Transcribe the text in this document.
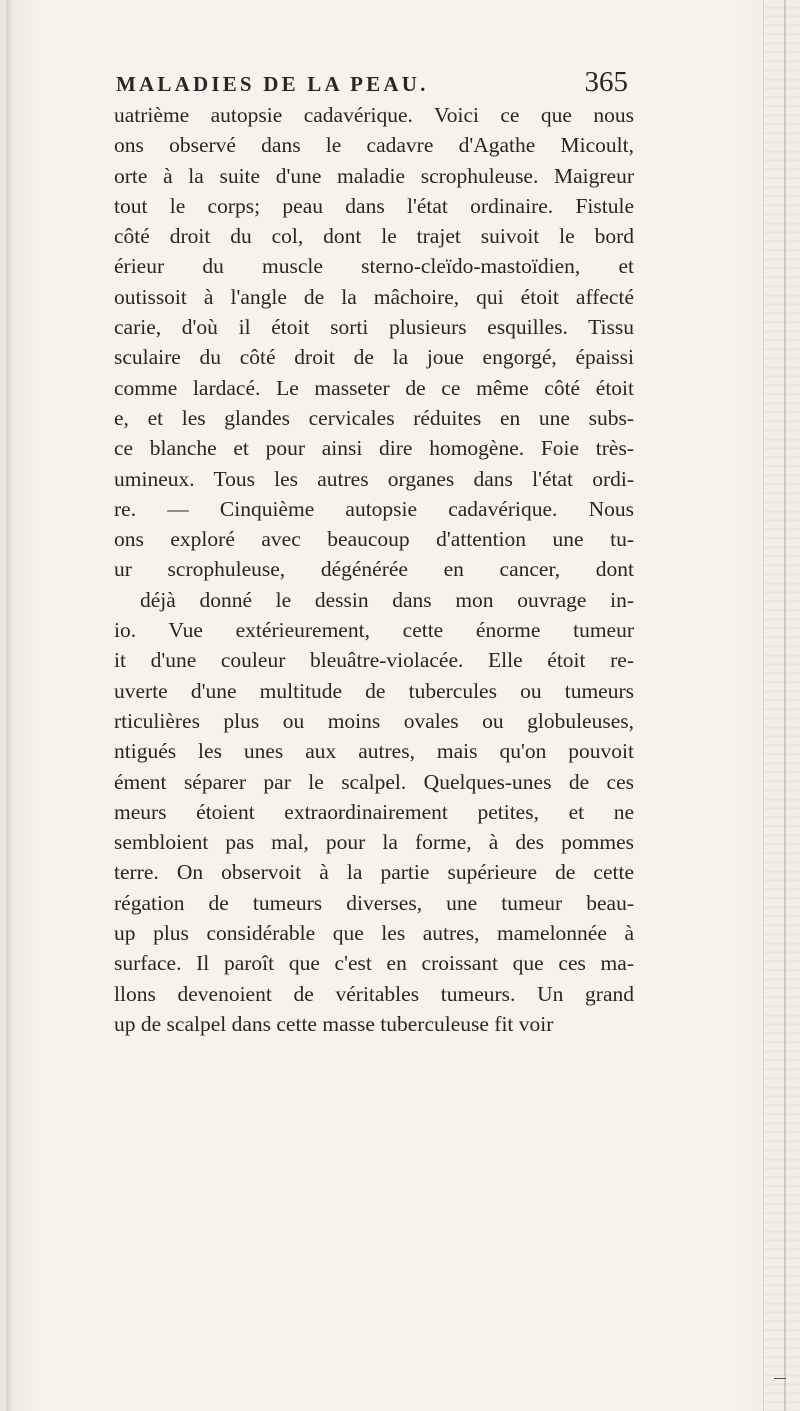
MALADIES DE LA PEAU.	365
uatrième autopsie cadavérique. Voici ce que nous
ons observé dans le cadavre d'Agathe Micoult,
orte à la suite d'une maladie scrophuleuse. Maigreur
tout le corps; peau dans l'état ordinaire. Fistule
côté droit du col, dont le trajet suivoit le bord
érieur du muscle sterno-cleïdo-mastoïdien, et
outissoit à l'angle de la mâchoire, qui étoit affecté
carie, d'où il étoit sorti plusieurs esquilles. Tissu
sculaire du côté droit de la joue engorgé, épaissi
comme lardacé. Le masseter de ce même côté étoit
e, et les glandes cervicales réduites en une subs-
ce blanche et pour ainsi dire homogène. Foie très-
umineux. Tous les autres organes dans l'état ordi-
re. — Cinquième autopsie cadavérique. Nous
ons exploré avec beaucoup d'attention une tu-
ur scrophuleuse, dégénérée en cancer, dont
déjà donné le dessin dans mon ouvrage in-
io. Vue extérieurement, cette énorme tumeur
it d'une couleur bleuâtre-violacée. Elle étoit re-
uverte d'une multitude de tubercules ou tumeurs
rticulières plus ou moins ovales ou globuleuses,
ntigués les unes aux autres, mais qu'on pouvoit
ément séparer par le scalpel. Quelques-unes de ces
meurs étoient extraordinairement petites, et ne
sembloient pas mal, pour la forme, à des pommes
terre. On observoit à la partie supérieure de cette
régation de tumeurs diverses, une tumeur beau-
up plus considérable que les autres, mamelonnée à
surface. Il paroît que c'est en croissant que ces ma-
llons devenoient de véritables tumeurs. Un grand
up de scalpel dans cette masse tuberculeuse fit voir
